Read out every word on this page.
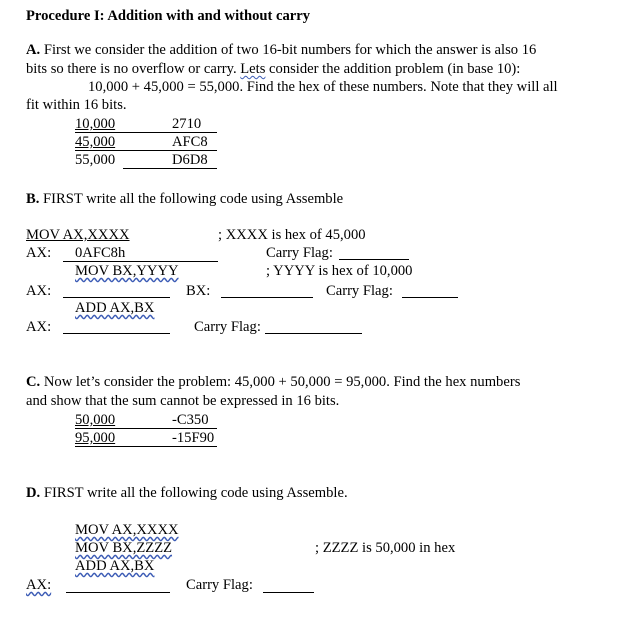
Procedure I: Addition with and without carry
A. First we consider the addition of two 16-bit numbers for which the answer is also 16
bits so there is no overflow or carry. Lets consider the addition problem (in base 10):
10,000 + 45,000 = 55,000. Find the hex of these numbers. Note that they will all
fit within 16 bits.
10,000	2710
45,000	AFC8
55,000	D6D8
B. FIRST write all the following code using Assemble
MOV AX,XXXX	; XXXX is hex of 45,000
AX: 0AFC8h	Carry Flag:
MOV BX,YYYY	; YYYY is hex of 10,000
AX:	BX:	Carry Flag:
ADD AX,BX
AX:	Carry Flag:
C. Now let’s consider the problem: 45,000 + 50,000 = 95,000. Find the hex numbers
and show that the sum cannot be expressed in 16 bits.
50,000	-C350
95,000	-15F90
D. FIRST write all the following code using Assemble.
MOV AX,XXXX
MOV BX,ZZZZ	; ZZZZ is 50,000 in hex
ADD AX,BX
AX:	Carry Flag:
